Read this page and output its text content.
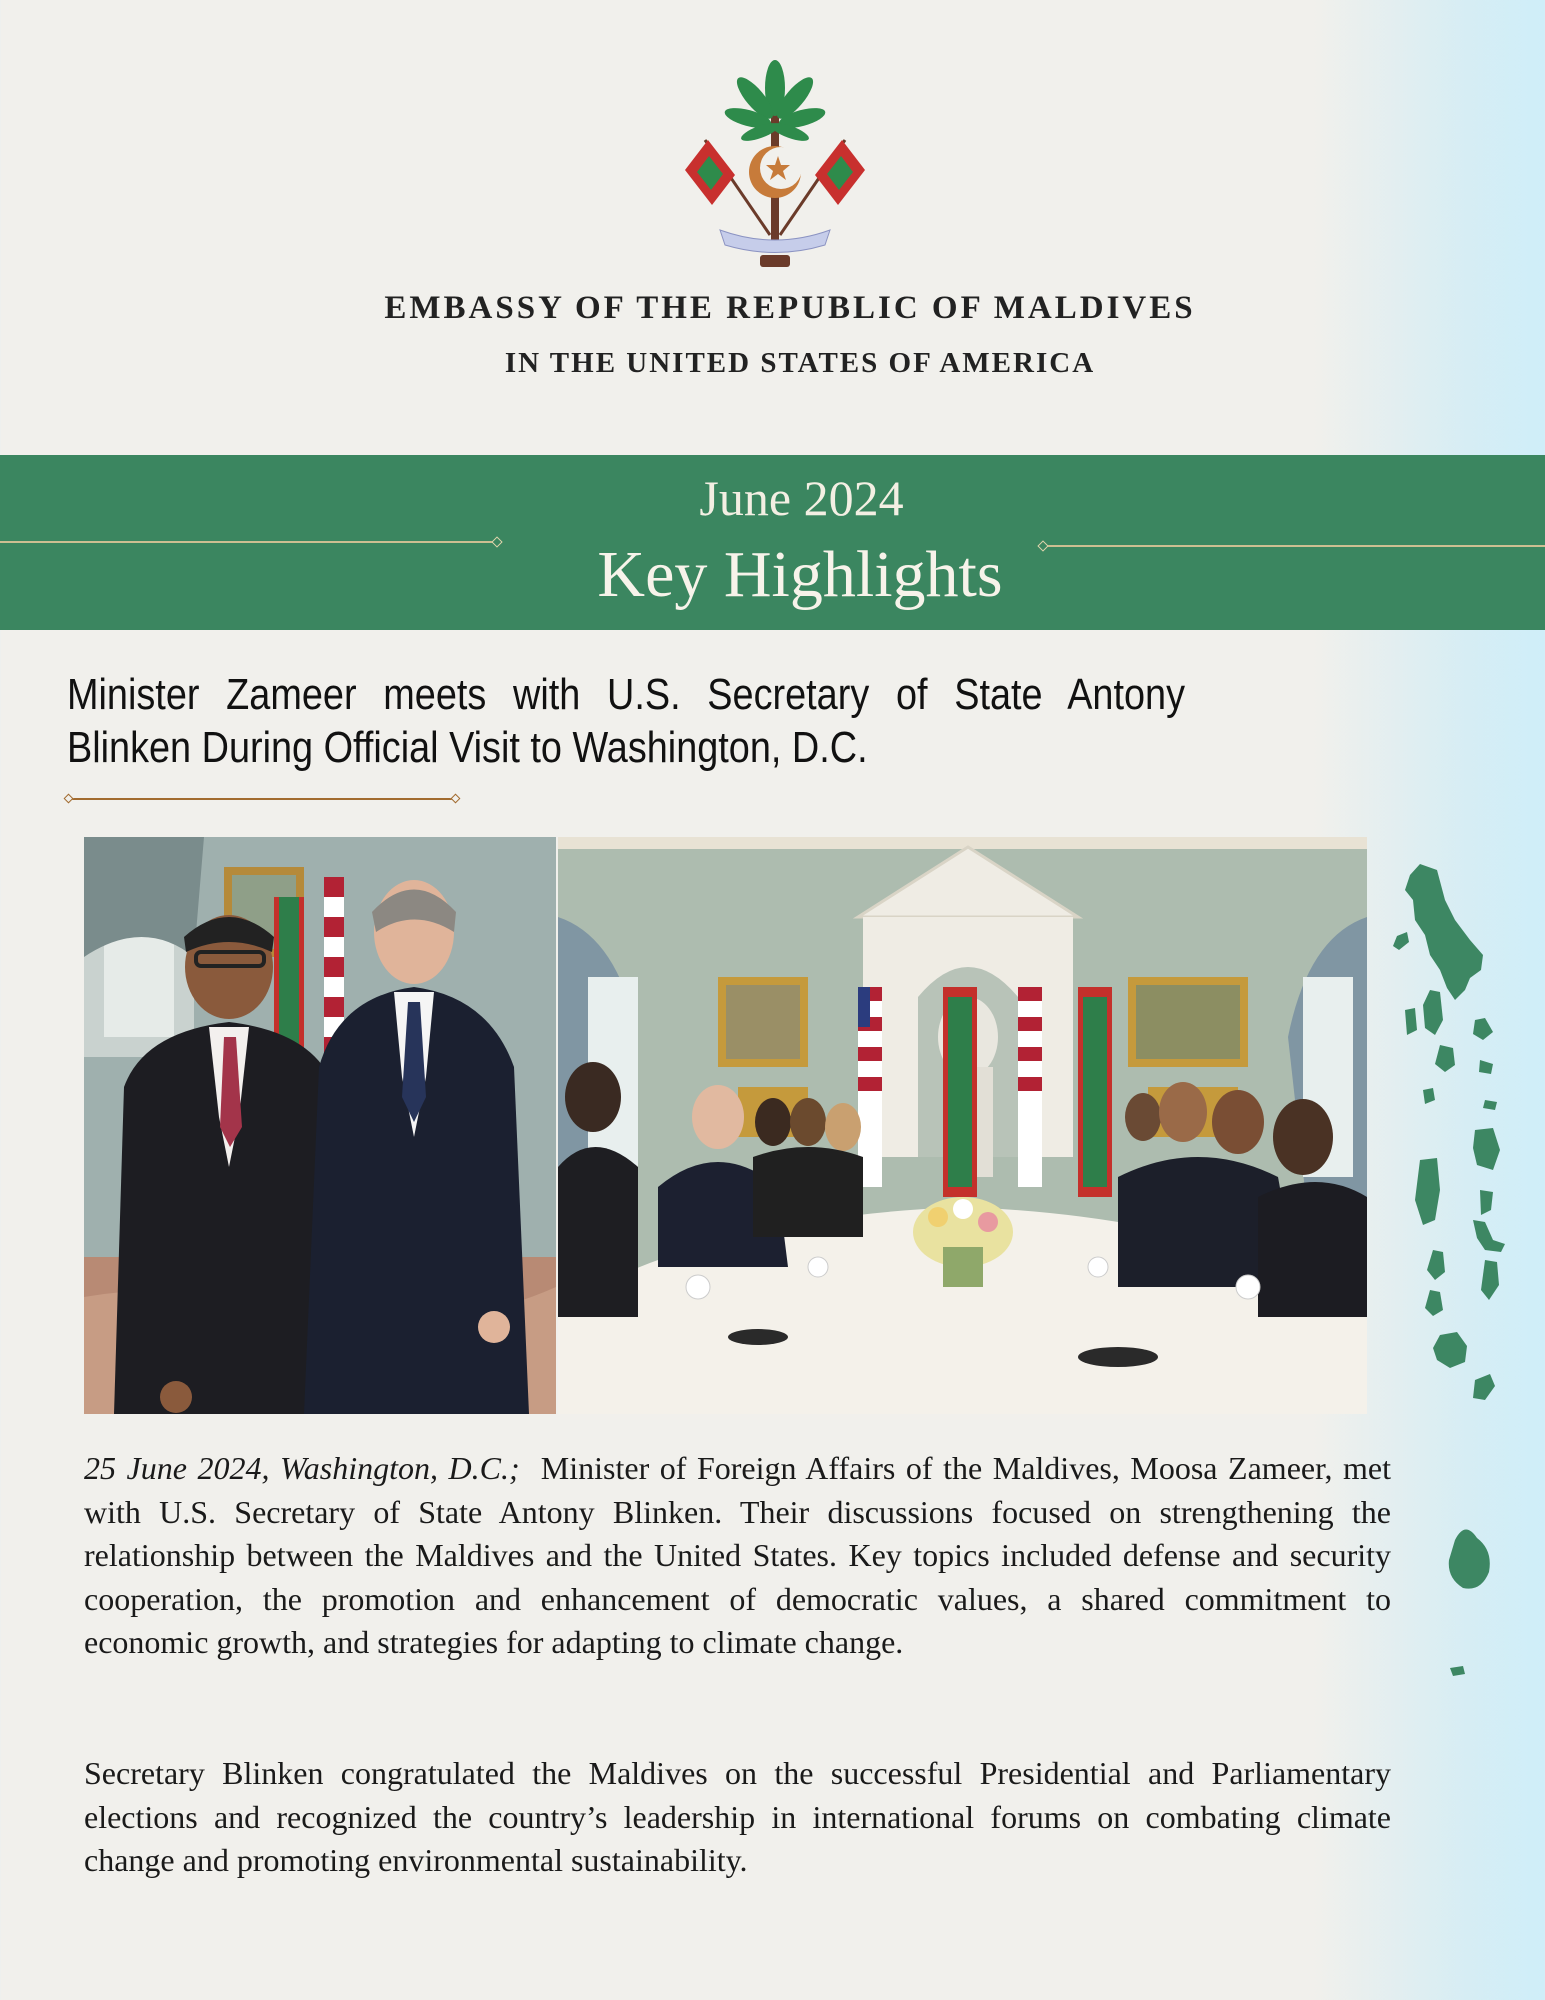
EMBASSY OF THE REPUBLIC OF MALDIVES
IN THE UNITED STATES OF AMERICA
June 2024
Key Highlights
Minister Zameer meets with U.S. Secretary of State Antony Blinken During Official Visit to Washington, D.C.
25 June 2024, Washington, D.C.; Minister of Foreign Affairs of the Maldives, Moosa Zameer, met with U.S. Secretary of State Antony Blinken. Their discussions focused on strengthening the relationship between the Maldives and the United States. Key topics included defense and security cooperation, the promotion and enhancement of democratic values, a shared commitment to economic growth, and strategies for adapting to climate change.
Secretary Blinken congratulated the Maldives on the successful Presidential and Parliamentary elections and recognized the country’s leadership in international forums on combating climate change and promoting environmental sustainability.
